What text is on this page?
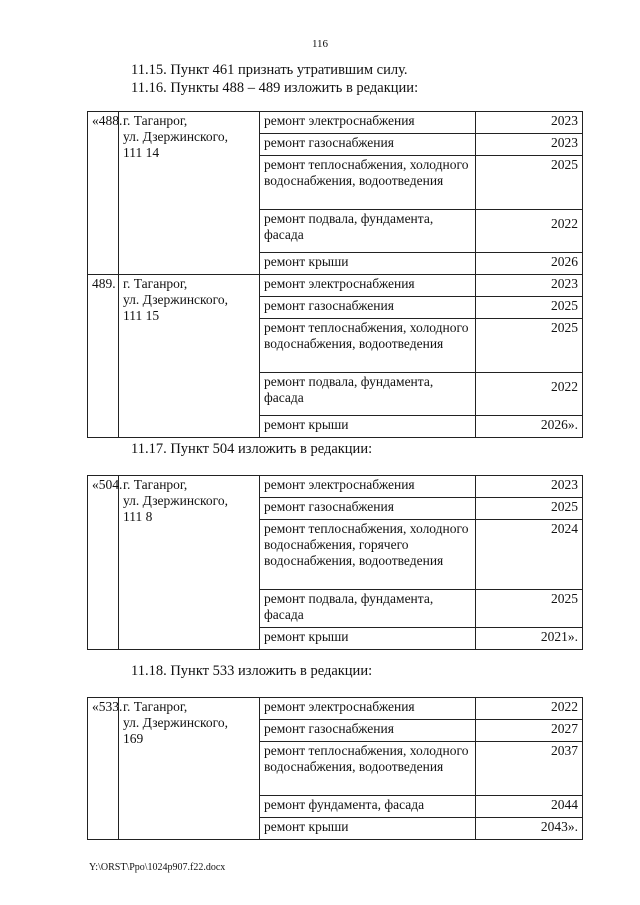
116
11.15. Пункт 461 признать утратившим силу.
11.16. Пункты 488 – 489 изложить в редакции:
«488.	г. Таганрог,
ул. Дзержинского,
111 14	ремонт электроснабжения	2023
		ремонт газоснабжения	2023
		ремонт теплоснабжения, холодного водоснабжения, водоотведения	2025
		ремонт подвала, фундамента, фасада	2022
		ремонт крыши	2026
489.	г. Таганрог,
ул. Дзержинского,
111 15	ремонт электроснабжения	2023
		ремонт газоснабжения	2025
		ремонт теплоснабжения, холодного водоснабжения, водоотведения	2025
		ремонт подвала, фундамента, фасада	2022
		ремонт крыши	2026».
11.17. Пункт 504 изложить в редакции:
«504.	г. Таганрог,
ул. Дзержинского,
111 8	ремонт электроснабжения	2023
		ремонт газоснабжения	2025
		ремонт теплоснабжения, холодного водоснабжения, горячего водоснабжения, водоотведения	2024
		ремонт подвала, фундамента, фасада	2025
		ремонт крыши	2021».
11.18. Пункт 533 изложить в редакции:
«533.	г. Таганрог,
ул. Дзержинского,
169	ремонт электроснабжения	2022
		ремонт газоснабжения	2027
		ремонт теплоснабжения, холодного водоснабжения, водоотведения	2037
		ремонт фундамента, фасада	2044
		ремонт крыши	2043».
Y:\ORST\Ppo\1024p907.f22.docx
